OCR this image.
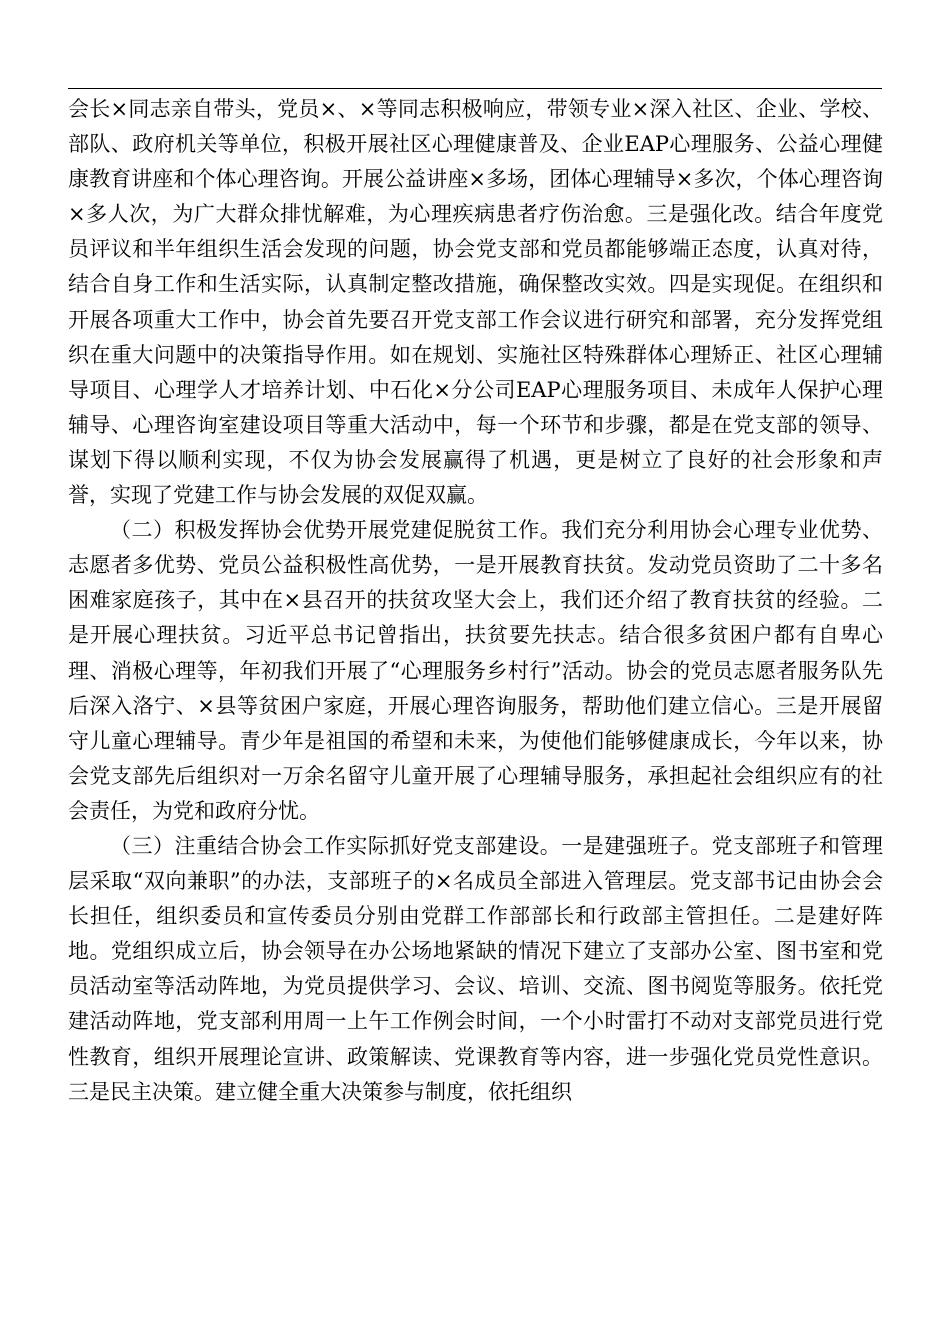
会长×同志亲自带头，党员×、×等同志积极响应，带领专业×深入社区、企业、学校、部队、政府机关等单位，积极开展社区心理健康普及、企业EAP心理服务、公益心理健康教育讲座和个体心理咨询。开展公益讲座×多场，团体心理辅导×多次，个体心理咨询×多人次，为广大群众排忧解难，为心理疾病患者疗伤治愈。三是强化改。结合年度党员评议和半年组织生活会发现的问题，协会党支部和党员都能够端正态度，认真对待，结合自身工作和生活实际，认真制定整改措施，确保整改实效。四是实现促。在组织和开展各项重大工作中，协会首先要召开党支部工作会议进行研究和部署，充分发挥党组织在重大问题中的决策指导作用。如在规划、实施社区特殊群体心理矫正、社区心理辅导项目、心理学人才培养计划、中石化×分公司EAP心理服务项目、未成年人保护心理辅导、心理咨询室建设项目等重大活动中，每一个环节和步骤，都是在党支部的领导、谋划下得以顺利实现，不仅为协会发展赢得了机遇，更是树立了良好的社会形象和声誉，实现了党建工作与协会发展的双促双赢。

（二）积极发挥协会优势开展党建促脱贫工作。我们充分利用协会心理专业优势、志愿者多优势、党员公益积极性高优势，一是开展教育扶贫。发动党员资助了二十多名困难家庭孩子，其中在×县召开的扶贫攻坚大会上，我们还介绍了教育扶贫的经验。二是开展心理扶贫。习近平总书记曾指出，扶贫要先扶志。结合很多贫困户都有自卑心理、消极心理等，年初我们开展了“心理服务乡村行”活动。协会的党员志愿者服务队先后深入洛宁、×县等贫困户家庭，开展心理咨询服务，帮助他们建立信心。三是开展留守儿童心理辅导。青少年是祖国的希望和未来，为使他们能够健康成长，今年以来，协会党支部先后组织对一万余名留守儿童开展了心理辅导服务，承担起社会组织应有的社会责任，为党和政府分忧。

（三）注重结合协会工作实际抓好党支部建设。一是建强班子。党支部班子和管理层采取“双向兼职”的办法，支部班子的×名成员全部进入管理层。党支部书记由协会会长担任，组织委员和宣传委员分别由党群工作部部长和行政部主管担任。二是建好阵地。党组织成立后，协会领导在办公场地紧缺的情况下建立了支部办公室、图书室和党员活动室等活动阵地，为党员提供学习、会议、培训、交流、图书阅览等服务。依托党建活动阵地，党支部利用周一上午工作例会时间，一个小时雷打不动对支部党员进行党性教育，组织开展理论宣讲、政策解读、党课教育等内容，进一步强化党员党性意识。三是民主决策。建立健全重大决策参与制度，依托组织
